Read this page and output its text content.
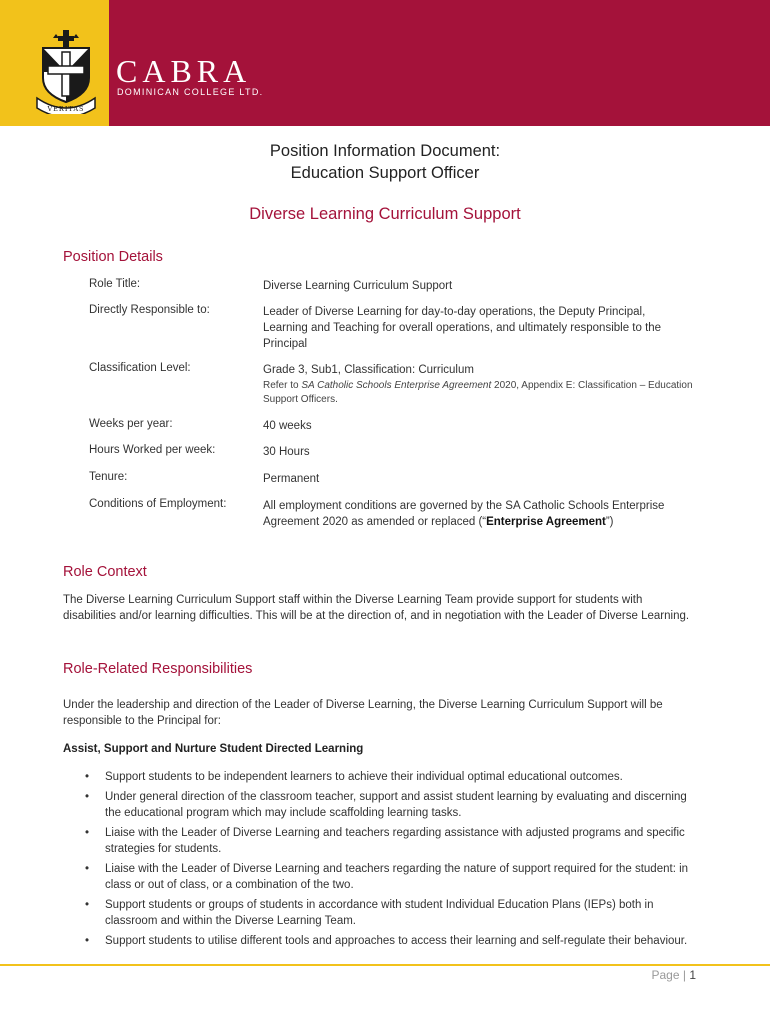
VERITAS
CABRA
DOMINICAN COLLEGE LTD.
Position Information Document:
Education Support Officer
Diverse Learning Curriculum Support
Position Details
Role Title:	Diverse Learning Curriculum Support
Directly Responsible to:	Leader of Diverse Learning for day-to-day operations, the Deputy Principal, Learning and Teaching for overall operations, and ultimately responsible to the Principal
Classification Level:	Grade 3, Sub1, Classification: Curriculum
Refer to SA Catholic Schools Enterprise Agreement 2020, Appendix E: Classification – Education Support Officers.
Weeks per year:	40 weeks
Hours Worked per week:	30 Hours
Tenure:	Permanent
Conditions of Employment:	All employment conditions are governed by the SA Catholic Schools Enterprise Agreement 2020 as amended or replaced (“Enterprise Agreement”)
Role Context
The Diverse Learning Curriculum Support staff within the Diverse Learning Team provide support for students with disabilities and/or learning difficulties. This will be at the direction of, and in negotiation with the Leader of Diverse Learning.
Role-Related Responsibilities
Under the leadership and direction of the Leader of Diverse Learning, the Diverse Learning Curriculum Support will be responsible to the Principal for:
Assist, Support and Nurture Student Directed Learning
• Support students to be independent learners to achieve their individual optimal educational outcomes.
• Under general direction of the classroom teacher, support and assist student learning by evaluating and discerning the educational program which may include scaffolding learning tasks.
• Liaise with the Leader of Diverse Learning and teachers regarding assistance with adjusted programs and specific strategies for students.
• Liaise with the Leader of Diverse Learning and teachers regarding the nature of support required for the student: in class or out of class, or a combination of the two.
• Support students or groups of students in accordance with student Individual Education Plans (IEPs) both in classroom and within the Diverse Learning Team.
• Support students to utilise different tools and approaches to access their learning and self-regulate their behaviour.
Page | 1
